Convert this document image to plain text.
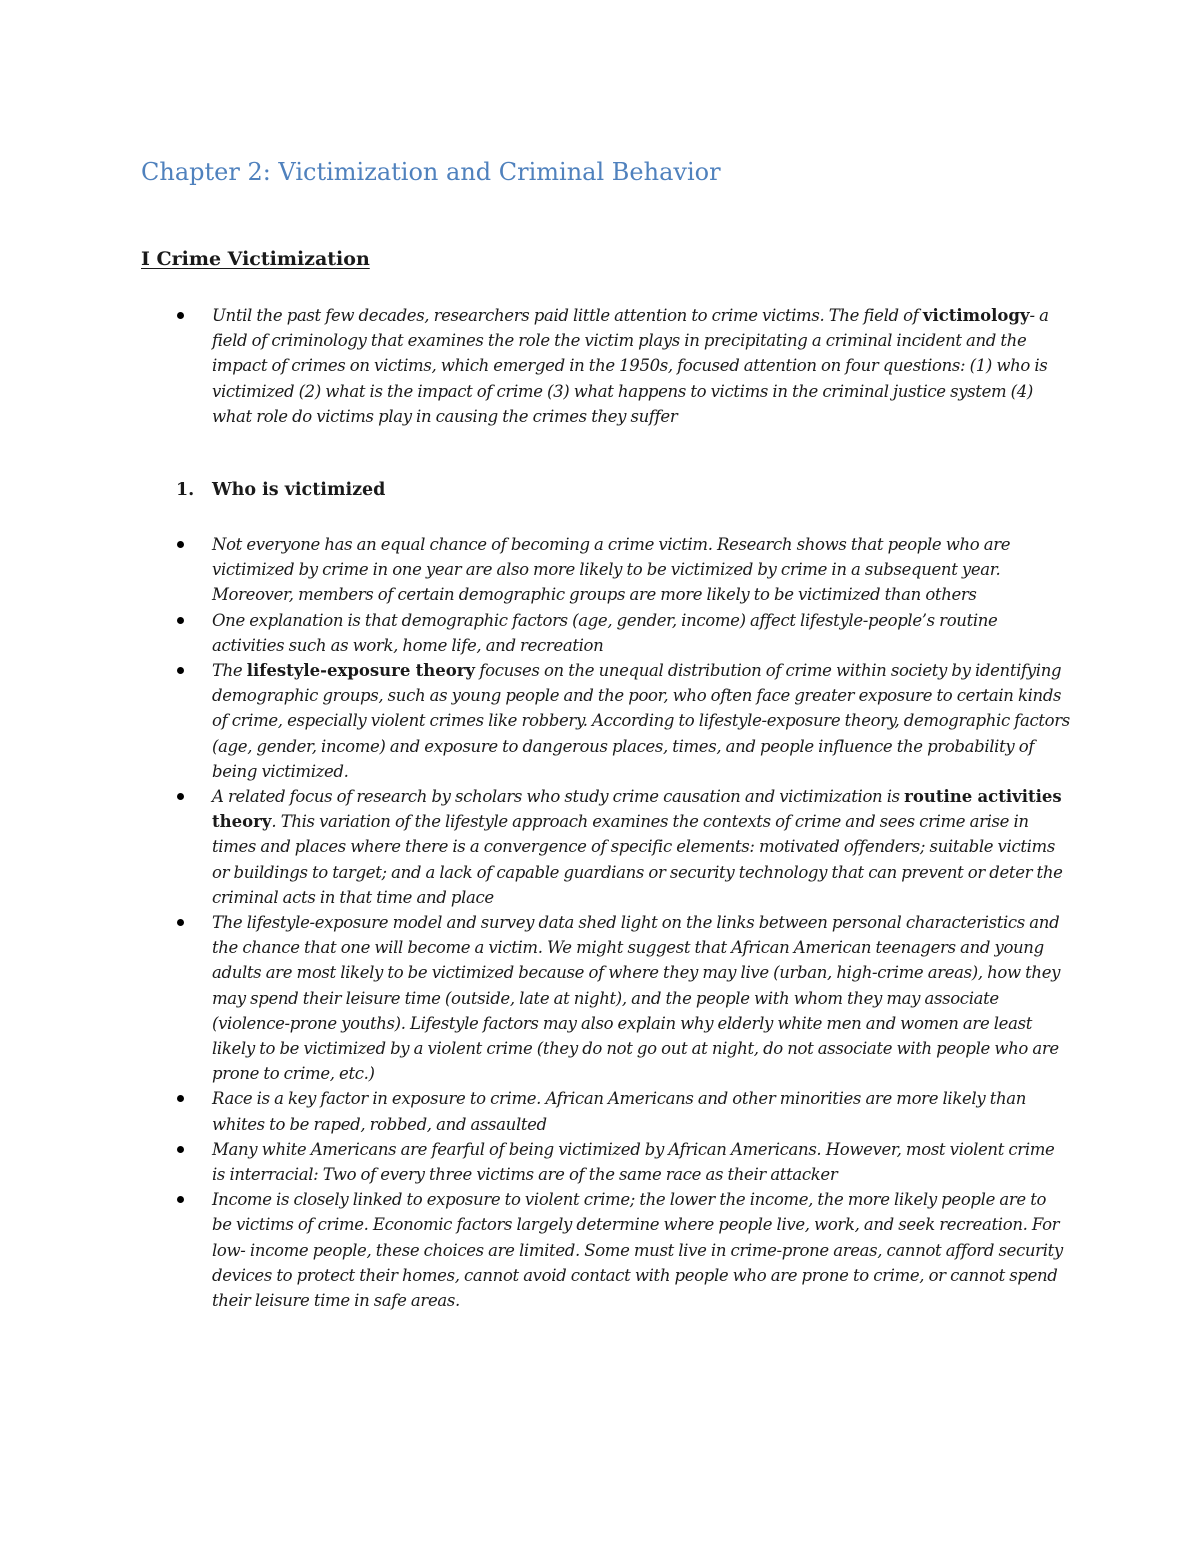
Chapter 2: Victimization and Criminal Behavior
I Crime Victimization
Until the past few decades, researchers paid little attention to crime victims. The field of victimology- a field of criminology that examines the role the victim plays in precipitating a criminal incident and the impact of crimes on victims, which emerged in the 1950s, focused attention on four questions: (1) who is victimized (2) what is the impact of crime (3) what happens to victims in the criminal justice system (4) what role do victims play in causing the crimes they suffer
1. Who is victimized
Not everyone has an equal chance of becoming a crime victim. Research shows that people who are victimized by crime in one year are also more likely to be victimized by crime in a subsequent year. Moreover, members of certain demographic groups are more likely to be victimized than others
One explanation is that demographic factors (age, gender, income) affect lifestyle-people’s routine activities such as work, home life, and recreation
The lifestyle-exposure theory focuses on the unequal distribution of crime within society by identifying demographic groups, such as young people and the poor, who often face greater exposure to certain kinds of crime, especially violent crimes like robbery. According to lifestyle-exposure theory, demographic factors (age, gender, income) and exposure to dangerous places, times, and people influence the probability of being victimized.
A related focus of research by scholars who study crime causation and victimization is routine activities theory. This variation of the lifestyle approach examines the contexts of crime and sees crime arise in times and places where there is a convergence of specific elements: motivated offenders; suitable victims or buildings to target; and a lack of capable guardians or security technology that can prevent or deter the criminal acts in that time and place
The lifestyle-exposure model and survey data shed light on the links between personal characteristics and the chance that one will become a victim. We might suggest that African American teenagers and young adults are most likely to be victimized because of where they may live (urban, high-crime areas), how they may spend their leisure time (outside, late at night), and the people with whom they may associate (violence-prone youths). Lifestyle factors may also explain why elderly white men and women are least likely to be victimized by a violent crime (they do not go out at night, do not associate with people who are prone to crime, etc.)
Race is a key factor in exposure to crime. African Americans and other minorities are more likely than whites to be raped, robbed, and assaulted
Many white Americans are fearful of being victimized by African Americans. However, most violent crime is interracial: Two of every three victims are of the same race as their attacker
Income is closely linked to exposure to violent crime; the lower the income, the more likely people are to be victims of crime. Economic factors largely determine where people live, work, and seek recreation. For low- income people, these choices are limited. Some must live in crime-prone areas, cannot afford security devices to protect their homes, cannot avoid contact with people who are prone to crime, or cannot spend their leisure time in safe areas.
